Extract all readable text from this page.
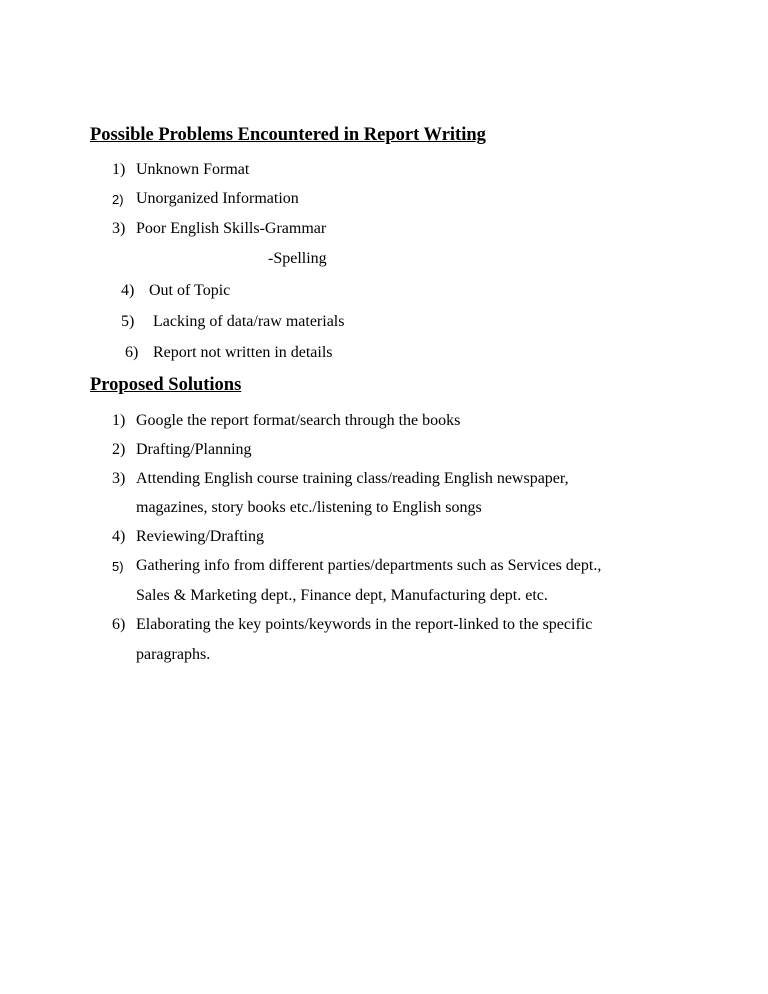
Possible Problems Encountered in Report Writing
1) Unknown Format
2) Unorganized Information
3) Poor English Skills-Grammar
-Spelling
4) Out of Topic
5) Lacking of data/raw materials
6) Report not written in details
Proposed Solutions
1) Google the report format/search through the books
2) Drafting/Planning
3) Attending English course training class/reading English newspaper,
magazines, story books etc./listening to English songs
4) Reviewing/Drafting
5) Gathering info from different parties/departments such as Services dept.,
Sales & Marketing dept., Finance dept, Manufacturing dept. etc.
6) Elaborating the key points/keywords in the report-linked to the specific
paragraphs.
